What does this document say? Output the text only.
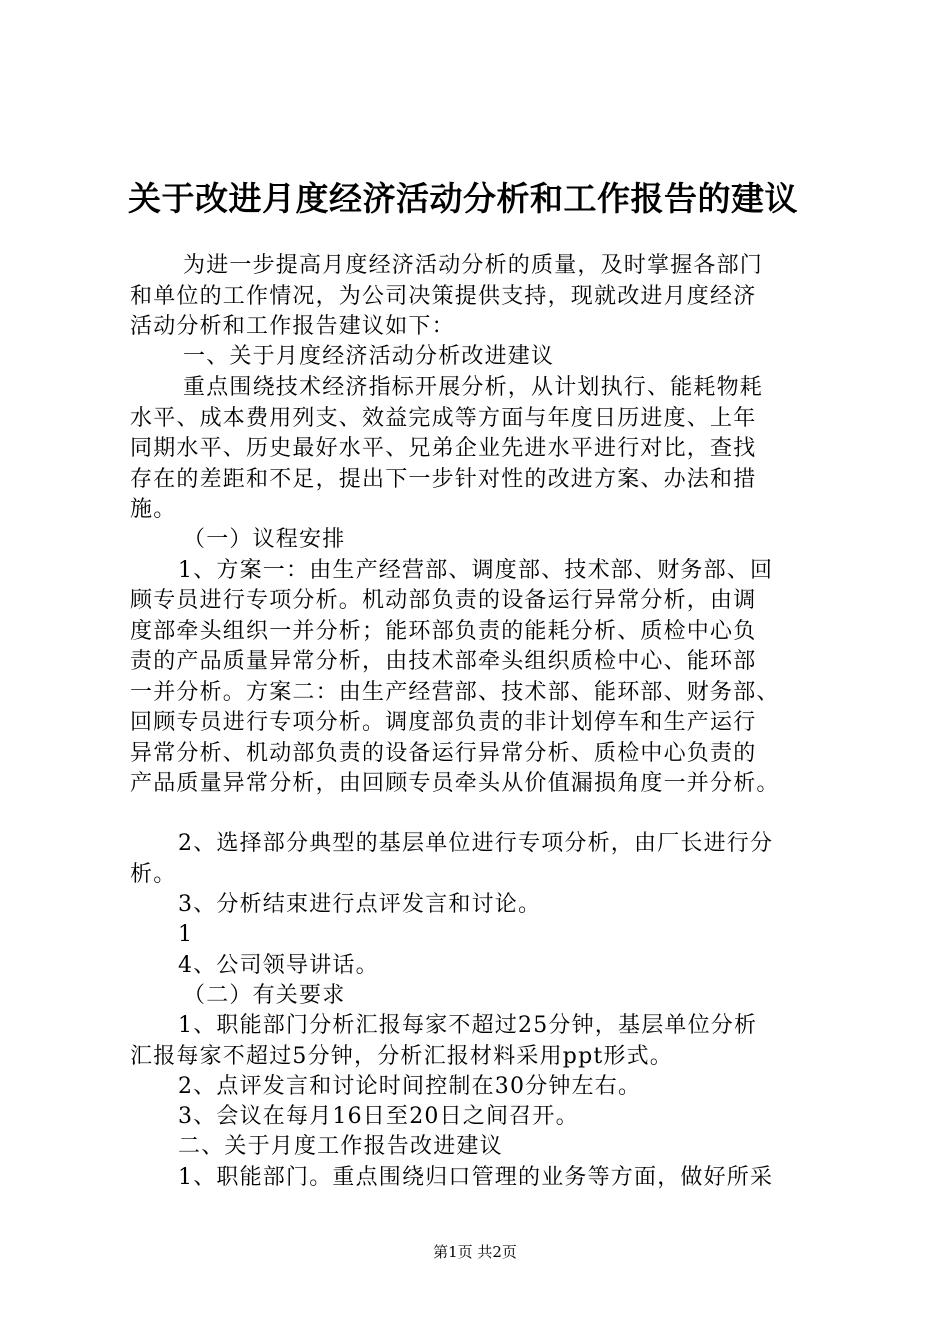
关于改进月度经济活动分析和工作报告的建议
为进一步提高月度经济活动分析的质量，及时掌握各部门
和单位的工作情况，为公司决策提供支持，现就改进月度经济
活动分析和工作报告建议如下：
一、关于月度经济活动分析改进建议
重点围绕技术经济指标开展分析，从计划执行、能耗物耗
水平、成本费用列支、效益完成等方面与年度日历进度、上年
同期水平、历史最好水平、兄弟企业先进水平进行对比，查找
存在的差距和不足，提出下一步针对性的改进方案、办法和措
施。
（一）议程安排
1、方案一：由生产经营部、调度部、技术部、财务部、回
顾专员进行专项分析。机动部负责的设备运行异常分析，由调
度部牵头组织一并分析；能环部负责的能耗分析、质检中心负
责的产品质量异常分析，由技术部牵头组织质检中心、能环部
一并分析。方案二：由生产经营部、技术部、能环部、财务部、
回顾专员进行专项分析。调度部负责的非计划停车和生产运行
异常分析、机动部负责的设备运行异常分析、质检中心负责的
产品质量异常分析，由回顾专员牵头从价值漏损角度一并分析。
2、选择部分典型的基层单位进行专项分析，由厂长进行分
析。
3、分析结束进行点评发言和讨论。
1
4、公司领导讲话。
（二）有关要求
1、职能部门分析汇报每家不超过25分钟，基层单位分析
汇报每家不超过5分钟，分析汇报材料采用ppt形式。
2、点评发言和讨论时间控制在30分钟左右。
3、会议在每月16日至20日之间召开。
二、关于月度工作报告改进建议
1、职能部门。重点围绕归口管理的业务等方面，做好所采
第1页 共2页
